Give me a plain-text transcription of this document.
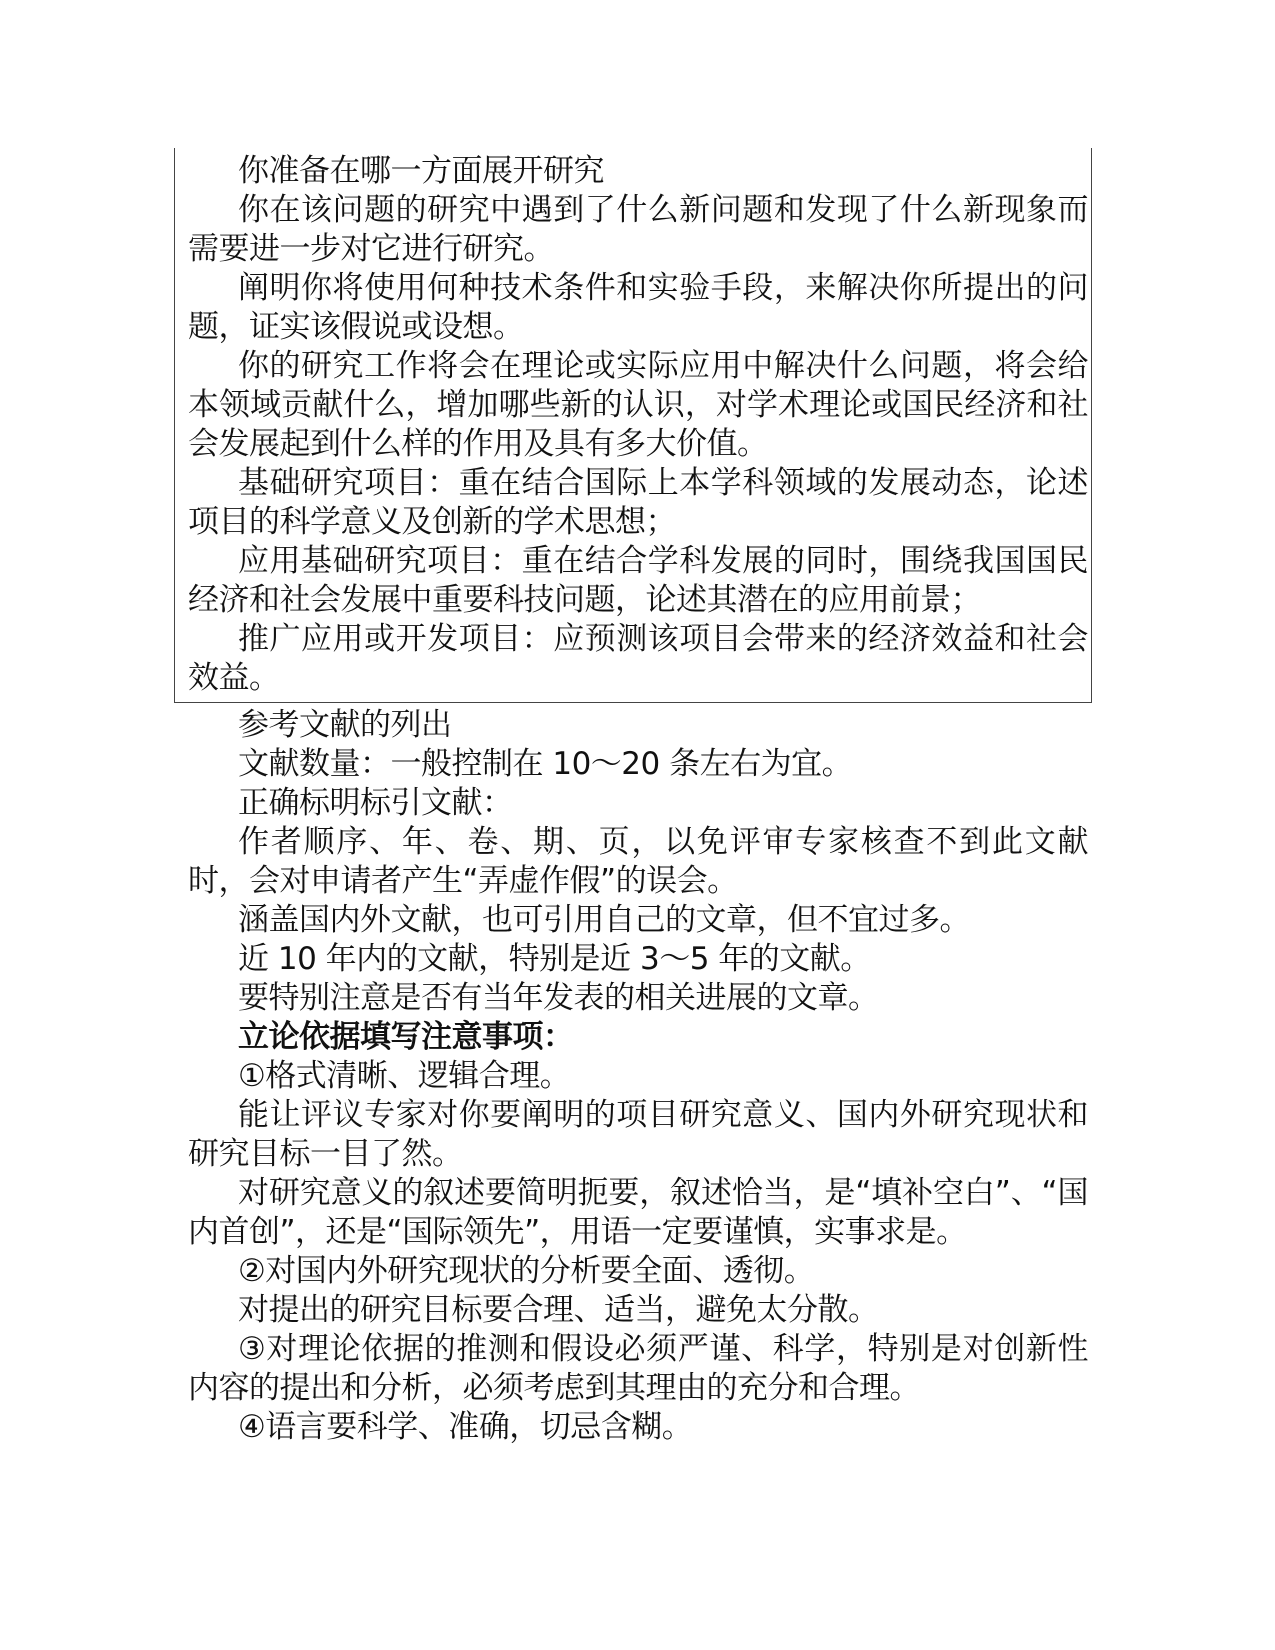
你准备在哪一方面展开研究

你在该问题的研究中遇到了什么新问题和发现了什么新现象而需要进一步对它进行研究。

阐明你将使用何种技术条件和实验手段，来解决你所提出的问题，证实该假说或设想。

你的研究工作将会在理论或实际应用中解决什么问题，将会给本领域贡献什么，增加哪些新的认识，对学术理论或国民经济和社会发展起到什么样的作用及具有多大价值。

基础研究项目：重在结合国际上本学科领域的发展动态，论述项目的科学意义及创新的学术思想；

应用基础研究项目：重在结合学科发展的同时，围绕我国国民经济和社会发展中重要科技问题，论述其潜在的应用前景；

推广应用或开发项目：应预测该项目会带来的经济效益和社会效益。

参考文献的列出

文献数量：一般控制在 10～20 条左右为宜。

正确标明标引文献：

作者顺序、年、卷、期、页，以免评审专家核查不到此文献时，会对申请者产生“弄虚作假”的误会。

涵盖国内外文献，也可引用自己的文章，但不宜过多。

近 10 年内的文献，特别是近 3～5 年的文献。

要特别注意是否有当年发表的相关进展的文章。

立论依据填写注意事项：

①格式清晰、逻辑合理。

能让评议专家对你要阐明的项目研究意义、国内外研究现状和研究目标一目了然。

对研究意义的叙述要简明扼要，叙述恰当，是“填补空白”、“国内首创”，还是“国际领先”，用语一定要谨慎，实事求是。

②对国内外研究现状的分析要全面、透彻。

对提出的研究目标要合理、适当，避免太分散。

③对理论依据的推测和假设必须严谨、科学，特别是对创新性内容的提出和分析，必须考虑到其理由的充分和合理。

④语言要科学、准确，切忌含糊。
